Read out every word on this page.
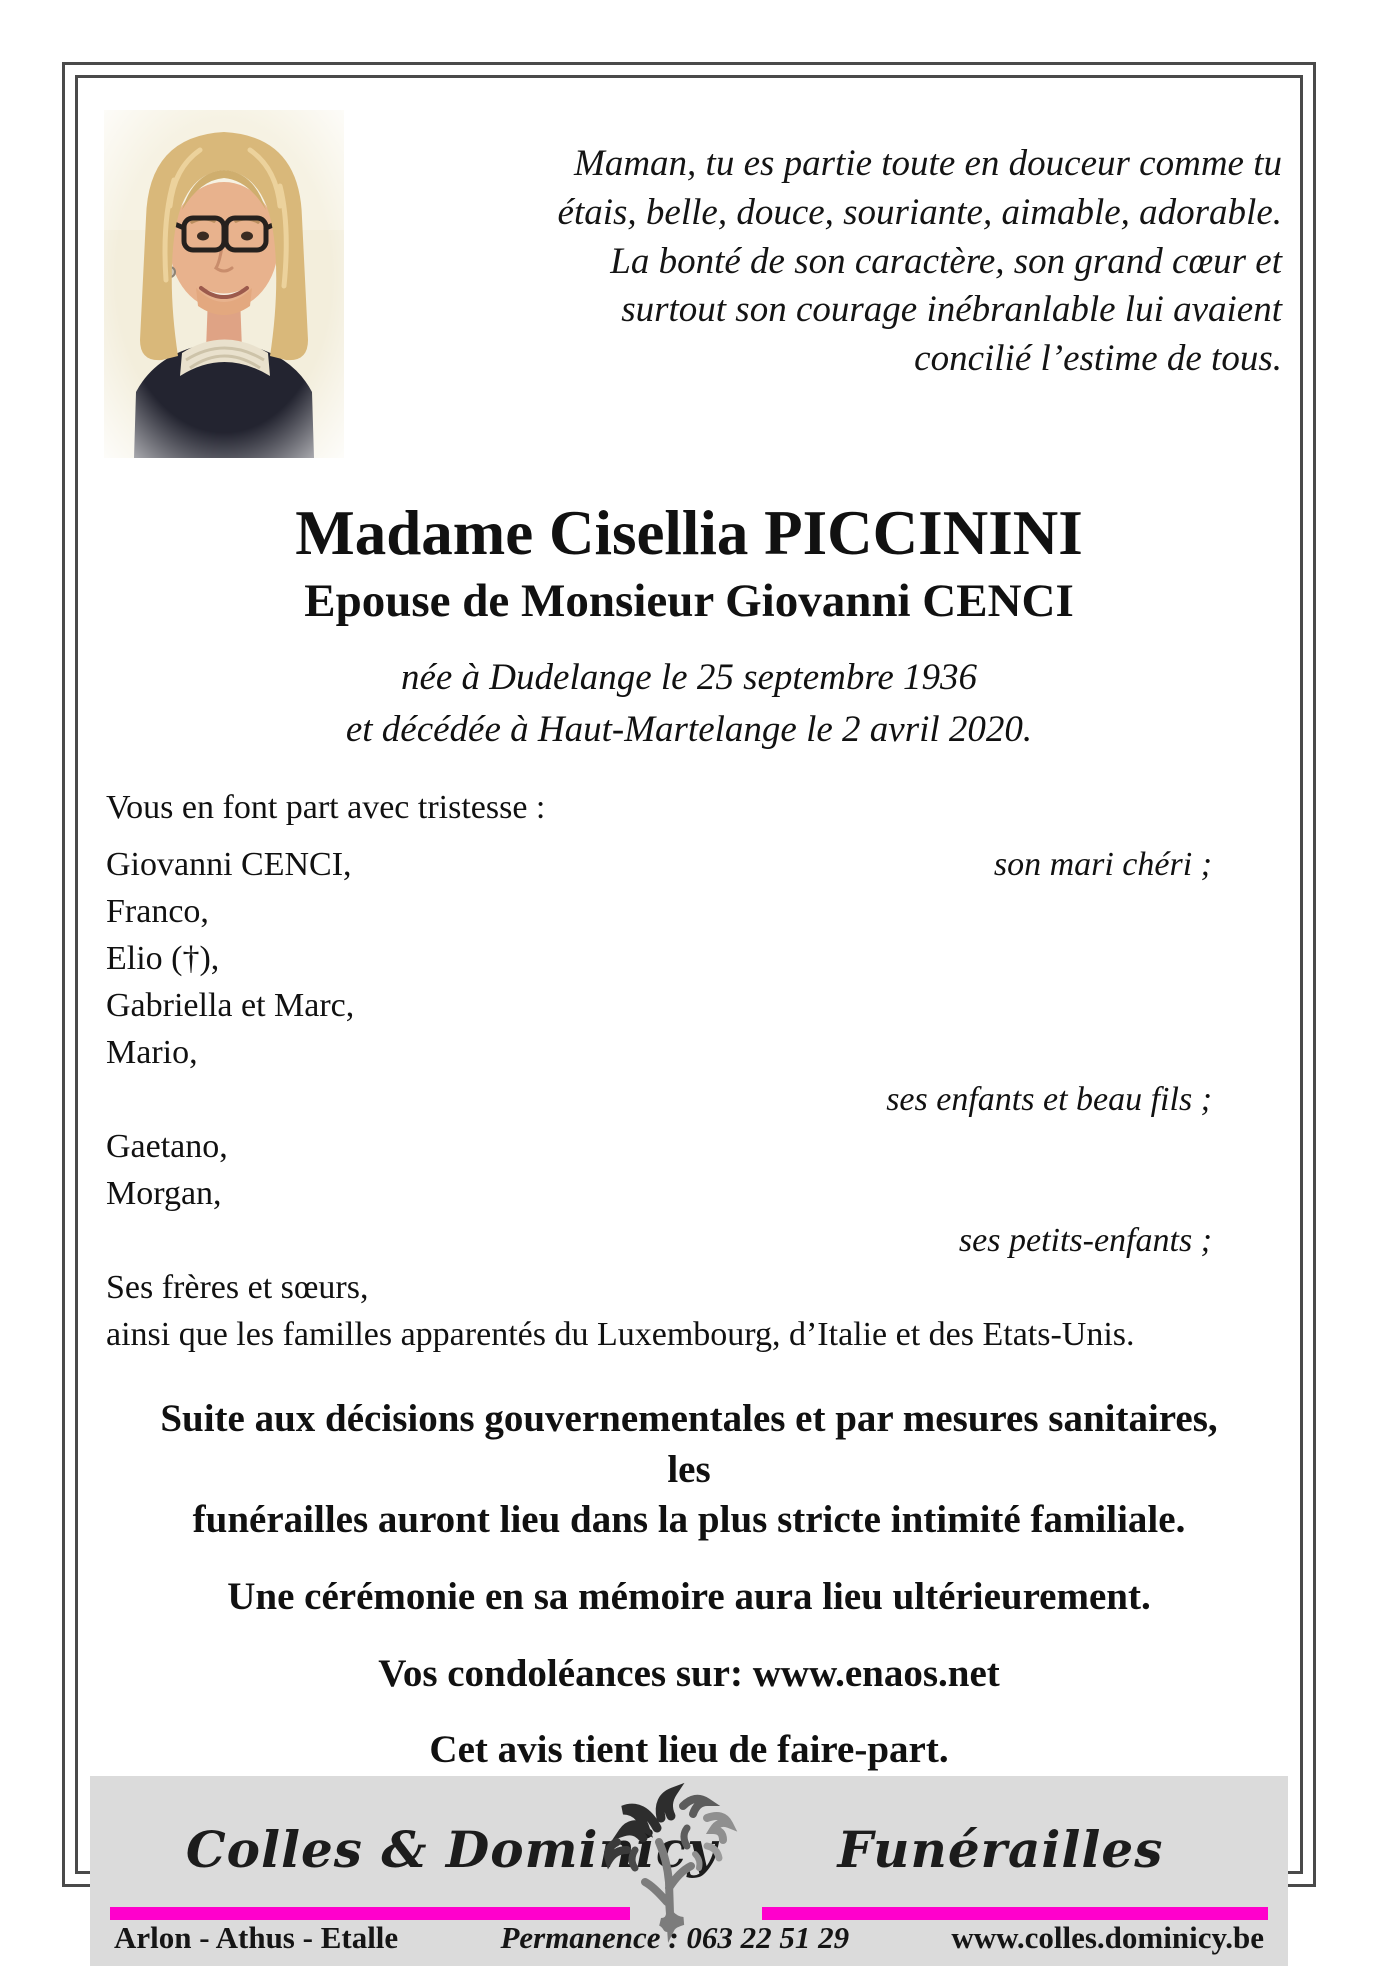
Maman, tu es partie toute en douceur comme tu
étais, belle, douce, souriante, aimable, adorable.
La bonté de son caractère, son grand cœur et
surtout son courage inébranlable lui avaient
concilié l’estime de tous.
Madame Cisellia PICCININI
Epouse de Monsieur Giovanni CENCI
née à Dudelange le 25 septembre 1936
et décédée à Haut-Martelange le 2 avril 2020.
Vous en font part avec tristesse :
Giovanni CENCI,	son mari chéri ;
Franco,
Elio (†),
Gabriella et Marc,
Mario,
ses enfants et beau fils ;
Gaetano,
Morgan,
ses petits-enfants ;
Ses frères et sœurs,
ainsi que les familles apparentés du Luxembourg, d’Italie et des Etats-Unis.
Suite aux décisions gouvernementales et par mesures sanitaires, les
funérailles auront lieu dans la plus stricte intimité familiale.
Une cérémonie en sa mémoire aura lieu ultérieurement.
Vos condoléances sur: www.enaos.net
Cet avis tient lieu de faire-part.
Colles & Dominicy Funérailles
Arlon - Athus - Etalle	Permanence : 063 22 51 29	www.colles.dominicy.be
